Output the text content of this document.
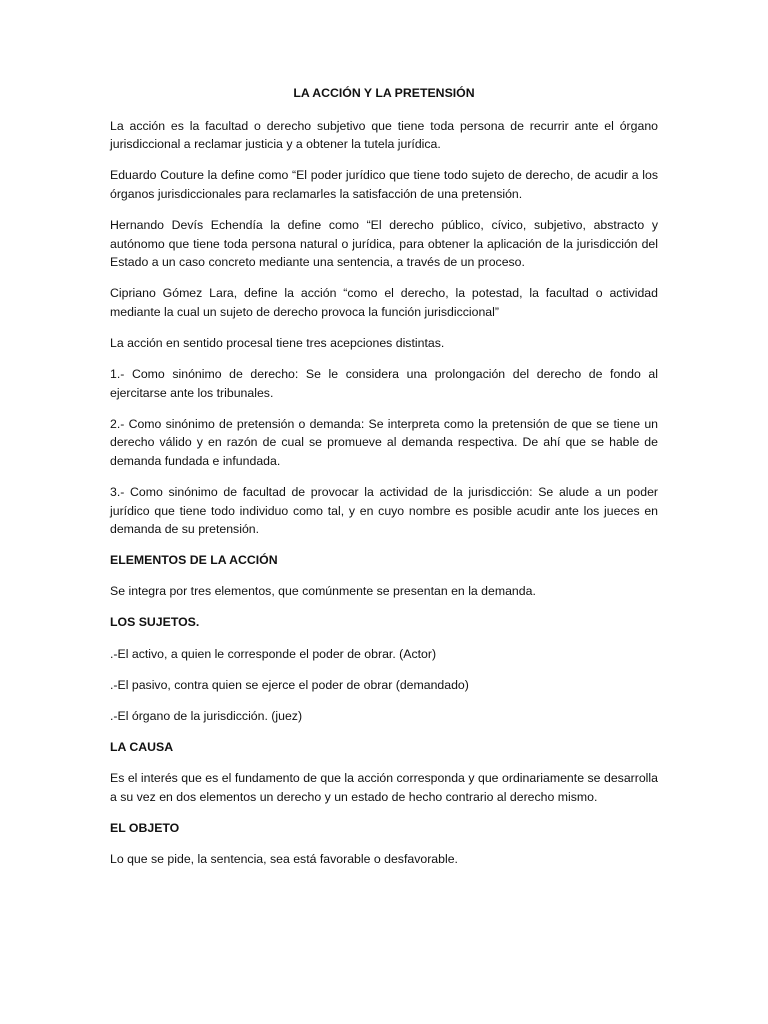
LA ACCIÓN Y LA PRETENSIÓN
La acción es la facultad o derecho subjetivo que tiene toda persona de recurrir ante el órgano jurisdiccional a reclamar justicia y a obtener la tutela jurídica.
Eduardo Couture la define como “El poder jurídico que tiene todo sujeto de derecho, de acudir a los órganos jurisdiccionales para reclamarles la satisfacción de una pretensión.
Hernando Devís Echendía la define como “El derecho público, cívico, subjetivo, abstracto y autónomo que tiene toda persona natural o jurídica, para obtener la aplicación de la jurisdicción del Estado a un caso concreto mediante una sentencia, a través de un proceso.
Cipriano Gómez Lara, define la acción “como el derecho, la potestad, la facultad o actividad mediante la cual un sujeto de derecho provoca la función jurisdiccional”
La acción en sentido procesal tiene tres acepciones distintas.
1.- Como sinónimo de derecho: Se le considera una prolongación del derecho de fondo al ejercitarse ante los tribunales.
2.- Como sinónimo de pretensión o demanda: Se interpreta como la pretensión de que se tiene un derecho válido y en razón de cual se promueve al demanda respectiva. De ahí que se hable de demanda fundada e infundada.
3.- Como sinónimo de facultad de provocar la actividad de la jurisdicción: Se alude a un poder jurídico que tiene todo individuo como tal, y en cuyo nombre es posible acudir ante los jueces en demanda de su pretensión.
ELEMENTOS DE LA ACCIÓN
Se integra por tres elementos, que comúnmente se presentan en la demanda.
LOS SUJETOS.
.-El activo, a quien le corresponde el poder de obrar. (Actor)
.-El pasivo, contra quien se ejerce el poder de obrar (demandado)
.-El órgano de la jurisdicción. (juez)
LA CAUSA
Es el interés que es el fundamento de que la acción corresponda y que ordinariamente se desarrolla a su vez en dos elementos un derecho y un estado de hecho contrario al derecho mismo.
EL OBJETO
Lo que se pide, la sentencia, sea está favorable o desfavorable.
